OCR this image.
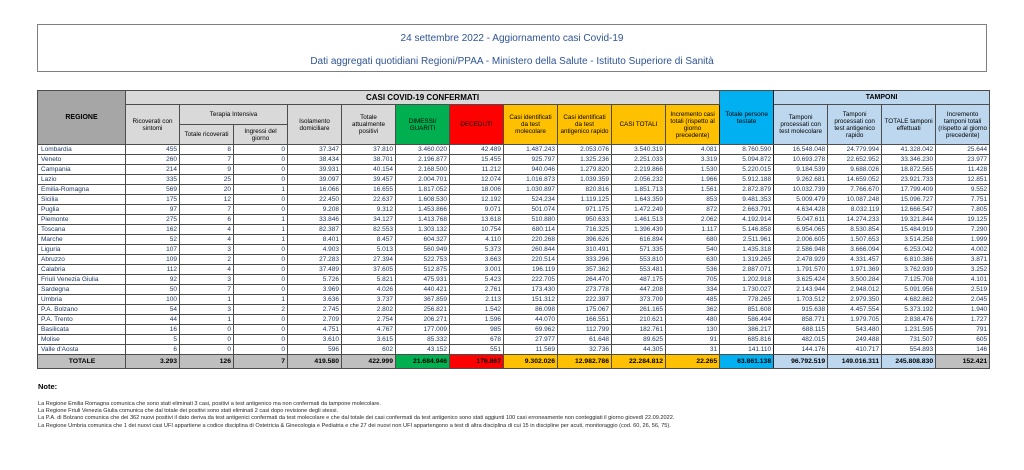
24 settembre 2022 - Aggiornamento casi Covid-19
Dati aggregati quotidiani Regioni/PPAA - Ministero della Salute - Istituto Superiore di Sanità
REGIONE	CASI COVID-19 CONFERMATI											Totale persone testate	TAMPONI			
	Ricoverati con sintomi	Terapia Intensiva		Isolamento domiciliare	Totale attualmente positivi	DIMESSI/ GUARITI	DECEDUTI	Casi identificati da test molecolare	Casi identificati da test antigenico rapido	CASI TOTALI	Incremento casi totali (rispetto al giorno precedente)		Tamponi processati con test molecolare	Tamponi processati con test antigenico rapido	TOTALE tamponi effettuati	Incremento tamponi totali (rispetto al giorno precedente)
		Totale ricoverati	Ingressi del giorno													
Lombardia	455	8	0	37.347	37.810	3.460.020	42.489	1.487.243	2.053.076	3.540.319	4.081	8.760.590	16.548.048	24.779.994	41.328.042	25.644
Veneto	260	7	0	38.434	38.701	2.196.877	15.455	925.797	1.325.236	2.251.033	3.319	5.094.872	10.693.278	22.652.952	33.346.230	23.977
Campania	214	9	0	39.931	40.154	2.168.500	11.212	940.046	1.279.820	2.219.866	1.530	5.220.015	9.184.539	9.688.026	18.872.565	11.428
Lazio	335	25	0	39.097	39.457	2.004.701	12.074	1.016.873	1.039.359	2.056.232	1.966	5.912.188	9.262.681	14.659.052	23.921.733	12.851
Emilia-Romagna	569	20	1	16.066	16.655	1.817.052	18.006	1.030.897	820.816	1.851.713	1.561	2.872.879	10.032.739	7.766.670	17.799.409	9.552
Sicilia	175	12	0	22.450	22.637	1.608.530	12.192	524.234	1.119.125	1.643.359	853	9.481.353	5.009.479	10.087.248	15.096.727	7.751
Puglia	97	7	0	9.208	9.312	1.453.866	9.071	501.074	971.175	1.472.249	872	2.663.791	4.634.428	8.032.119	12.666.547	7.805
Piemonte	275	6	1	33.846	34.127	1.413.768	13.618	510.880	950.633	1.461.513	2.062	4.192.914	5.047.611	14.274.233	19.321.844	19.125
Toscana	162	4	1	82.387	82.553	1.303.132	10.754	680.114	716.325	1.396.439	1.117	5.146.858	6.954.065	8.530.854	15.484.919	7.290
Marche	52	4	1	8.401	8.457	604.327	4.110	220.268	396.626	616.894	680	2.511.961	2.006.605	1.507.653	3.514.258	1.999
Liguria	107	3	0	4.903	5.013	560.949	5.373	260.844	310.491	571.335	540	1.435.318	2.586.948	3.666.094	6.253.042	4.002
Abruzzo	109	2	0	27.283	27.394	522.753	3.663	220.514	333.296	553.810	630	1.319.265	2.478.929	4.331.457	6.810.386	3.871
Calabria	112	4	0	37.489	37.605	512.875	3.001	196.119	357.362	553.481	536	2.887.071	1.791.570	1.971.369	3.762.939	3.252
Friuli Venezia Giulia	92	3	0	5.726	5.821	475.931	5.423	222.705	264.470	487.175	705	1.202.918	3.625.424	3.500.284	7.125.708	4.101
Sardegna	50	7	0	3.969	4.026	440.421	2.761	173.430	273.778	447.208	334	1.730.027	2.143.944	2.948.012	5.091.956	2.519
Umbria	100	1	1	3.636	3.737	367.859	2.113	151.312	222.397	373.709	485	778.265	1.703.512	2.979.350	4.682.862	2.045
P.A. Bolzano	54	3	2	2.745	2.802	256.821	1.542	86.098	175.067	261.165	362	851.608	915.638	4.457.554	5.373.192	1.940
P.A. Trento	44	1	0	2.709	2.754	206.271	1.596	44.070	166.551	210.621	480	586.494	858.771	1.979.705	2.838.476	1.727
Basilicata	16	0	0	4.751	4.767	177.009	985	69.962	112.799	182.761	130	386.217	688.115	543.480	1.231.595	791
Molise	5	0	0	3.610	3.615	85.332	678	27.977	61.648	89.625	91	685.816	482.015	249.488	731.507	605
Valle d'Aosta	6	0	0	596	602	43.152	551	11.569	32.736	44.305	31	141.110	144.176	410.717	554.893	146
TOTALE	3.293	126	7	419.580	422.999	21.684.946	176.867	9.302.026	12.982.786	22.284.812	22.265	63.861.138	96.792.519	149.016.311	245.808.830	152.421
Note:
La Regione Emilia Romagna comunica che sono stati eliminati 3 casi, positivi a test antigenico ma non confermati da tampone molecolare.
La Regione Friuli Venezia Giulia comunica che dal totale dei positivi sono stati eliminati 2 casi dopo revisione degli stessi.
La P.A. di Bolzano comunica che dei 362 nuovi positivi il dato deriva da test antigenici confermati da test molecolare e che dal totale dei casi confermati da test antigenico sono stati aggiunti 100 casi erroneamente non conteggiati il giorno giovedì 22.09.2022.
La Regione Umbria comunica che 1 dei nuovi casi UFI appartiene a codice disciplina di Ostetricia & Ginecologia e Pediatria e che 27 dei nuovi non UFI appartengono a test di altra disciplina di cui 15 in discipline per acuti, monitoraggio (cod. 60, 26, 56, 75).
